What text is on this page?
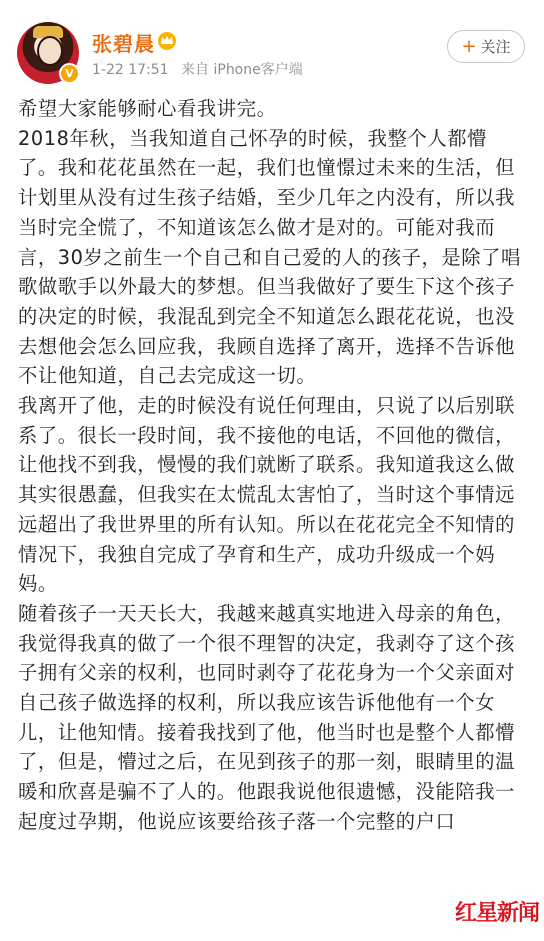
V
张碧晨
1-22 17:51 来自 iPhone客户端
+ 关注

希望大家能够耐心看我讲完。

2018年秋，当我知道自己怀孕的时候，我整个人都懵了。我和花花虽然在一起，我们也憧憬过未来的生活，但计划里从没有过生孩子结婚，至少几年之内没有，所以我当时完全慌了，不知道该怎么做才是对的。可能对我而言，30岁之前生一个自己和自己爱的人的孩子，是除了唱歌做歌手以外最大的梦想。但当我做好了要生下这个孩子的决定的时候，我混乱到完全不知道怎么跟花花说，也没去想他会怎么回应我，我顾自选择了离开，选择不告诉他不让他知道，自己去完成这一切。

我离开了他，走的时候没有说任何理由，只说了以后别联系了。很长一段时间，我不接他的电话，不回他的微信，让他找不到我，慢慢的我们就断了联系。我知道我这么做其实很愚蠢，但我实在太慌乱太害怕了，当时这个事情远远超出了我世界里的所有认知。所以在花花完全不知情的情况下，我独自完成了孕育和生产，成功升级成一个妈妈。

随着孩子一天天长大，我越来越真实地进入母亲的角色，我觉得我真的做了一个很不理智的决定，我剥夺了这个孩子拥有父亲的权利，也同时剥夺了花花身为一个父亲面对自己孩子做选择的权利，所以我应该告诉他他有一个女儿，让他知情。接着我找到了他，他当时也是整个人都懵了，但是，懵过之后，在见到孩子的那一刻，眼睛里的温暖和欣喜是骗不了人的。他跟我说他很遗憾，没能陪我一起度过孕期，他说应该要给孩子落一个完整的户口

红星新闻
